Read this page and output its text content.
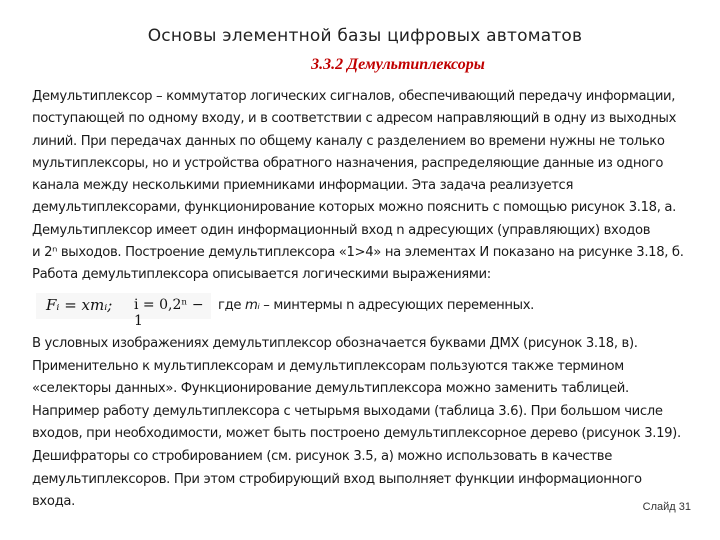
Основы элементной базы цифровых автоматов
3.3.2 Демультиплексоры
Демультиплексор – коммутатор логических сигналов, обеспечивающий передачу информации,
поступающей по одному входу, и в соответствии с адресом направляющий в одну из выходных
линий. При передачах данных по общему каналу с разделением во времени нужны не только
мультиплексоры, но и устройства обратного назначения, распределяющие данные из одного
канала между несколькими приемниками информации. Эта задача реализуется
демультиплексорами, функционирование которых можно пояснить с помощью рисунок 3.18, а.
Демультиплексор имеет один информационный вход n адресующих (управляющих) входов
и 2ⁿ выходов. Построение демультиплексора «1>4» на элементах И показано на рисунке 3.18, б.
Работа демультиплексора описывается логическими выражениями:
Fᵢ = xmᵢ; i = 0,2ⁿ − 1
где mᵢ – минтермы n адресующих переменных.
В условных изображениях демультиплексор обозначается буквами ДМХ (рисунок 3.18, в).
Применительно к мультиплексорам и демультиплексорам пользуются также термином
«селекторы данных». Функционирование демультиплексора можно заменить таблицей.
Например работу демультиплексора с четырьмя выходами (таблица 3.6). При большом числе
входов, при необходимости, может быть построено демультиплексорное дерево (рисунок 3.19).
Дешифраторы со стробированием (см. рисунок 3.5, а) можно использовать в качестве
демультиплексоров. При этом стробирующий вход выполняет функции информационного
входа.	Слайд 31
